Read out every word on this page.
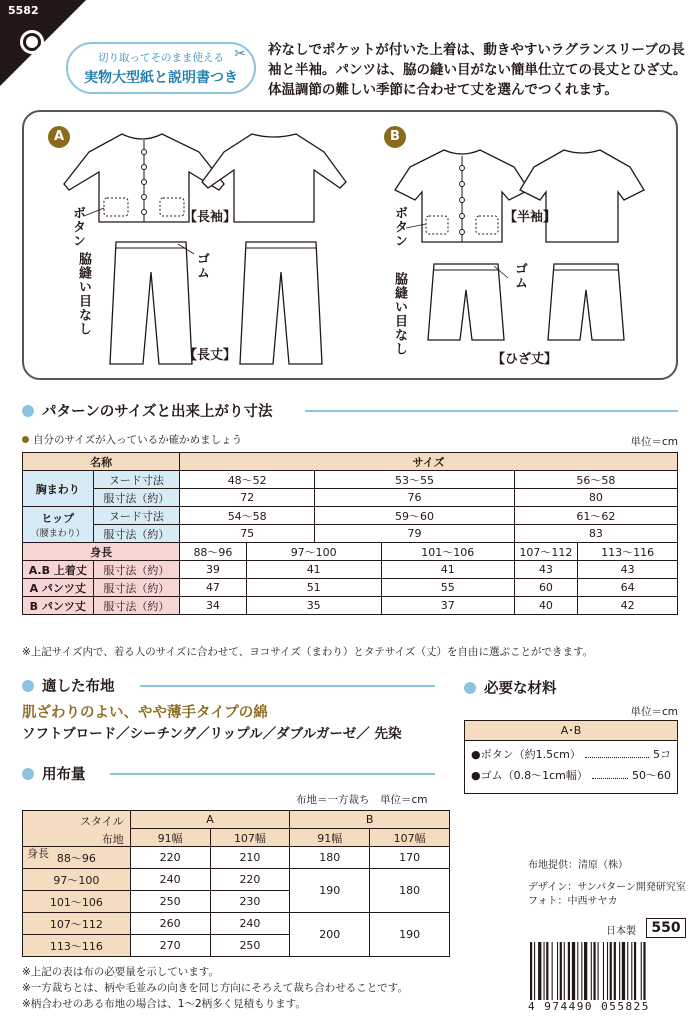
5582
切り取ってそのまま使える
実物大型紙と説明書つき
✂ 衿なしでポケットが付いた上着は、動きやすいラグランスリーブの長袖と半袖。パンツは、脇の縫い目がない簡単仕立ての長丈とひざ丈。体温調節の難しい季節に合わせて丈を選んでつくれます。
A	B
ボタン	【長袖】
ゴム
脇縫い目なし
【長丈】
ボタン	【半袖】
ゴム
脇縫い目なし
【ひざ丈】
パターンのサイズと出来上がり寸法
自分のサイズが入っているか確かめましょう	単位＝cm
名称		サイズ					
胸まわり	ヌード寸法	48～52		53～55		56～58	
	服寸法（約）	72		76		80	
ヒップ
（腰まわり）	ヌード寸法	54～58		59～60		61～62	
	服寸法（約）	75		79		83	
身長		88～96	97～100		101～106	107～112	113～116
A.B 上着丈	服寸法（約）	39	41		41	43	43
A パンツ丈	服寸法（約）	47	51		55	60	64
B パンツ丈	服寸法（約）	34	35		37	40	42
※上記サイズ内で、着る人のサイズに合わせて、ヨコサイズ（まわり）とタテサイズ（丈）を自由に選ぶことができます。
適した布地
肌ざわりのよい、やや薄手タイプの綿
ソフトブロード／シーチング／リップル／ダブルガーゼ／ 先染
必要な材料
単位＝cm
A･B
●ボタン（約1.5cm）	5コ
●ゴム（0.8～1cm幅）	50～60
用布量
布地＝一方裁ち　単位＝cm
スタイル
布地
身長	A		B	
	91幅	107幅	91幅	107幅
88～96	220	210	180	170
97～100	240	220	190	180
101～106	250	230		
107～112	260	240	200	190
113～116	270	250		
※上記の表は布の必要量を示しています。
※一方裁ちとは、柄や毛並みの向きを同じ方向にそろえて裁ち合わせることです。
※柄合わせのある布地の場合は、1～2柄多く見積もります。
布地提供：清原（株）
デザイン：サンパターン開発研究室
フォト：中西サヤカ
日本製	550
4 974490 055825
